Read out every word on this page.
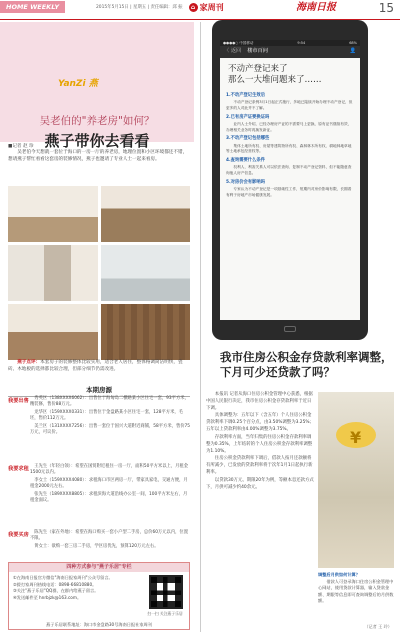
HOME WEEKLY	2015年5月15日 | 星期五 | 责任编辑：邱 振	⌂ 家周刊	海南日报	15
YanZi 燕
吴老伯的"养老房"如何？
燕子带你去看看
■记者 赵 珍
吴老伯今天想就一套位于海口的一房一厅的养老房，地理位置和小区环境都还不错，想请燕子帮忙看看这套房的装修情况，燕子也邀请了专业人士一起来看房。
燕子点评：本套房子的装修整体比较实用，适合老人居住，整体格调简洁明快，瓷砖、木地板的选择都比较合理，但部分细节仍需改进。
本期房源
我要出售	秀英区（138XXXX6062）：出售位于海甸岛二横路某小区住宅一套，93平方米，精装修，售价88万元。

龙华区（159XXXX0331）：出售位于金盘路某小区住宅一套，128平方米，毛坯，售价112万元。

美兰区（131XXXX7256）：出售一套位于国兴大道附近商铺，58平方米，售价75万元，可议价。

我要求租	王先生（年轻白领）：希望在国贸附近租住一房一厅，面积50平方米以上，月租金1500元以内。

李女士（159XXXX4080）：求租海口市区两房一厅，带家具家电，交通方便，月租金2000元左右。

张先生（189XXXX8805）：求租滨海大道沿线办公室一间，100平方米左右，月租金面议。

我要买房	陈先生（家在外地）：希望在海口购买一套小户型二手房，总价60万元以内，位置不限。

黄女士：欲购一套三房二手房，学区房优先，预算120万元左右。

四种方式参与"燕子乐居"专栏
①在海南日报官方微信"海南日报家周刊"公众号留言。
②拨打家周刊热线电话：0898-66810880。
③关注"燕子乐居"QQ群，在群内给燕子留言。
④发送邮件至 hnrbjzk@163.com。
扫一扫 关注燕子乐居
燕子乐居联系地址：海口市金盘路30号海南日报社家周刊
●●●●○ 中国移动	9:54	68%
〈 返回 楼市百问	👤
不动产登记来了
那么一大堆问题来了……
1.不动产登记生效后
不动产登记条例3月1日起正式施行，多地已陆续开始办理不动产登记，但更多的人对此并不了解。
2.已有房产证要换证吗
业内人士介绍，已经办理房产证的不需要马上更换，原有证书继续有效，办理相关业务时再换发新证。
3.不动产登记包括哪些
集体土地所有权、房屋等建筑物所有权、森林林木所有权、耕地林地草地等土地承包经营权等。
4.查询需要什么条件
权利人、利害关系人可以依法查询、复制不动产登记资料，但不能随意查询他人房产信息。
5.对房价会有影响吗
专家认为不动产登记是一项基础性工作，短期内对房价影响有限，长期看有利于房地产市场健康发展。
我市住房公积金存贷款利率调整，下月可少还贷款了吗？

本报讯 记者从海口住房公积金管理中心获悉，根据中国人民银行决定，我市住房公积金存贷款利率于近日下调。

具体调整为：五年以下（含五年）个人住房公积金贷款利率下调0.25个百分点，由3.50%调整为3.25%；五年以上贷款利率由4.00%调整为3.75%。

存款利率方面，当年归集的住房公积金存款利率调整为0.35%，上年结转的个人住房公积金存款利率调整为1.10%。

住房公积金贷款利率下调后，借款人按月还款额将有所减少，已发放的贷款利率将于次年1月1日起执行新利率。

以贷款30万元、期限20年为例，等额本息还款方式下，月供可减少约40余元。

¥

调整后月供如何计算？

借款人可登录海口住房公积金管理中心网站，使用贷款计算器，输入贷款金额、期限等信息即可查询调整后的月供数额。

（记者 王 玲）
